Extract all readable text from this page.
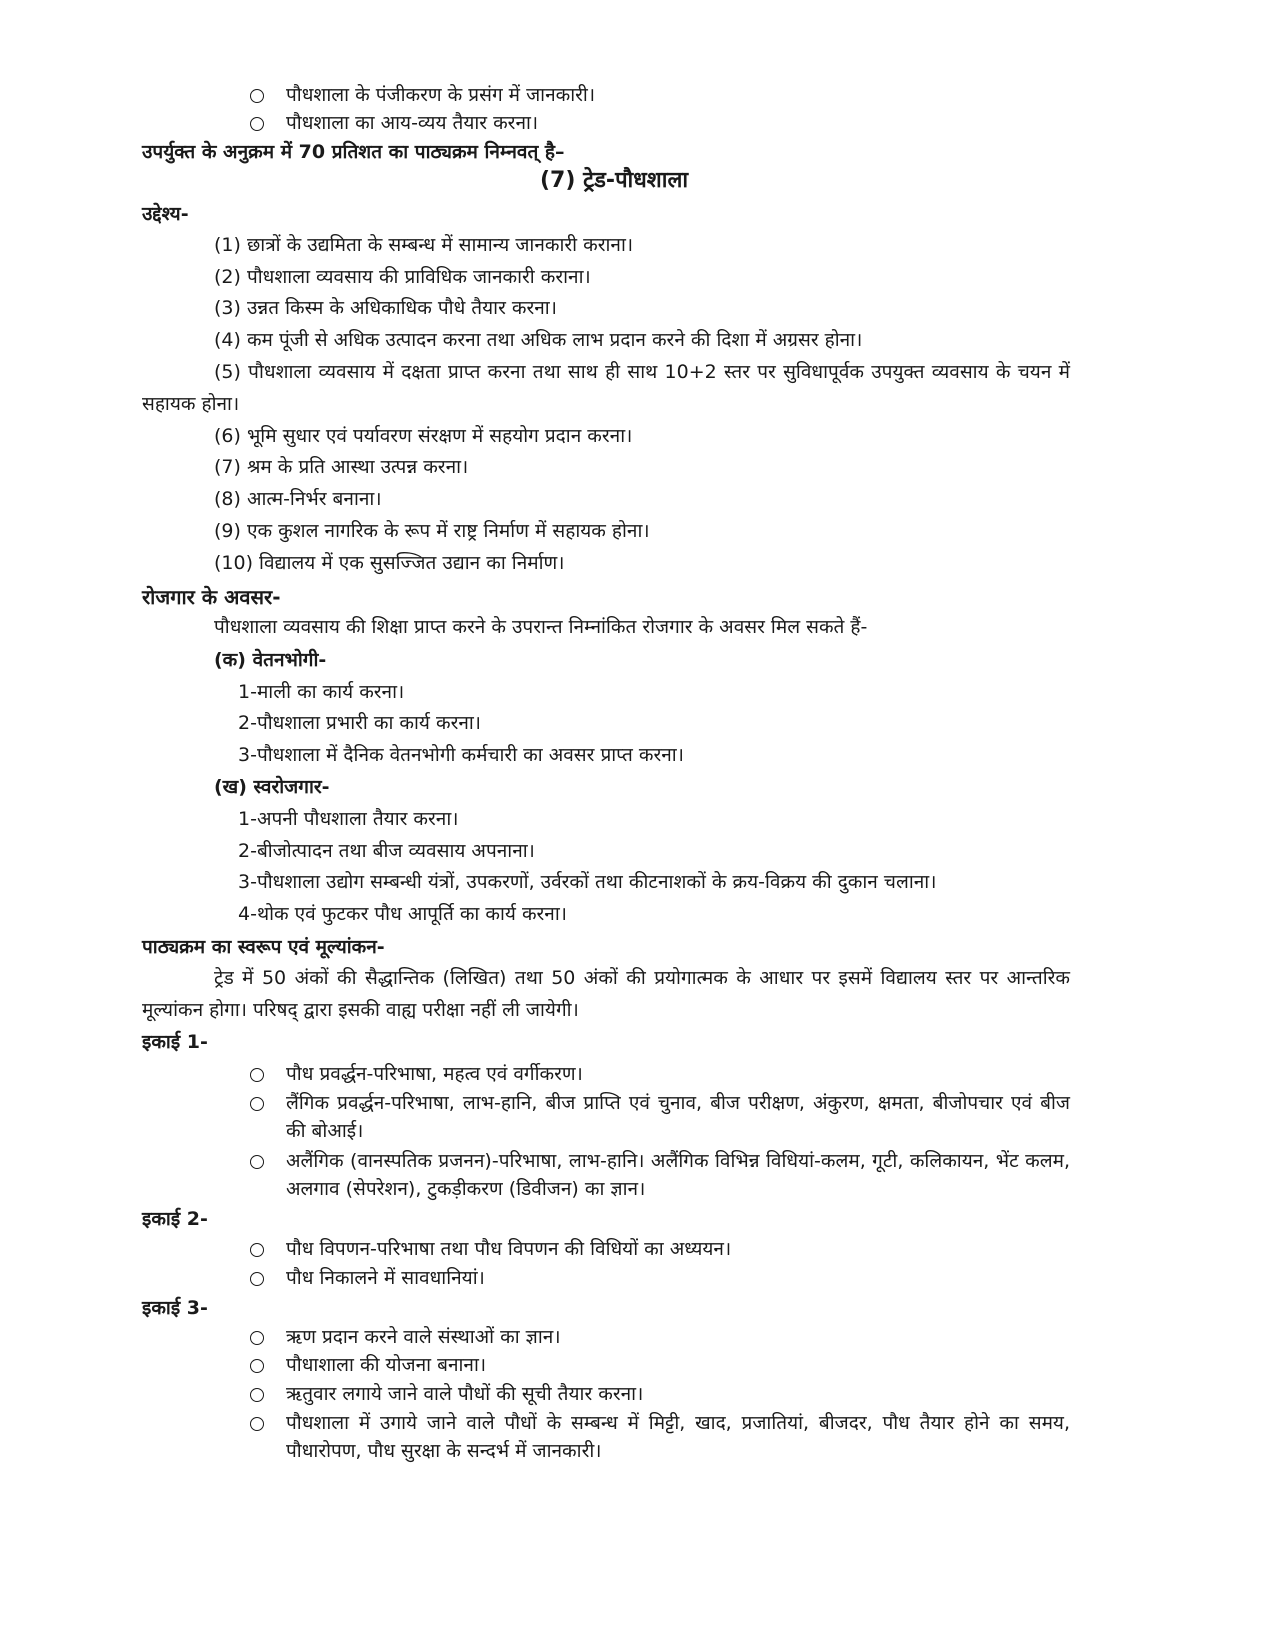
पौधशाला के पंजीकरण के प्रसंग में जानकारी।
पौधशाला का आय-व्यय तैयार करना।
उपर्युक्त के अनुक्रम में 70 प्रतिशत का पाठ्यक्रम निम्नवत् है–
(7) ट्रेड-पौधशाला
उद्देश्य-
(1) छात्रों के उद्यमिता के सम्बन्ध में सामान्य जानकारी कराना।
(2) पौधशाला व्यवसाय की प्राविधिक जानकारी कराना।
(3) उन्नत किस्म के अधिकाधिक पौधे तैयार करना।
(4) कम पूंजी से अधिक उत्पादन करना तथा अधिक लाभ प्रदान करने की दिशा में अग्रसर होना।
(5) पौधशाला व्यवसाय में दक्षता प्राप्त करना तथा साथ ही साथ 10+2 स्तर पर सुविधापूर्वक उपयुक्त व्यवसाय के चयन में
सहायक होना।
(6) भूमि सुधार एवं पर्यावरण संरक्षण में सहयोग प्रदान करना।
(7) श्रम के प्रति आस्था उत्पन्न करना।
(8) आत्म-निर्भर बनाना।
(9) एक कुशल नागरिक के रूप में राष्ट्र निर्माण में सहायक होना।
(10) विद्यालय में एक सुसज्जित उद्यान का निर्माण।
रोजगार के अवसर-
पौधशाला व्यवसाय की शिक्षा प्राप्त करने के उपरान्त निम्नांकित रोजगार के अवसर मिल सकते हैं-
(क) वेतनभोगी-
1-माली का कार्य करना।
2-पौधशाला प्रभारी का कार्य करना।
3-पौधशाला में दैनिक वेतनभोगी कर्मचारी का अवसर प्राप्त करना।
(ख) स्वरोजगार-
1-अपनी पौधशाला तैयार करना।
2-बीजोत्पादन तथा बीज व्यवसाय अपनाना।
3-पौधशाला उद्योग सम्बन्धी यंत्रों, उपकरणों, उर्वरकों तथा कीटनाशकों के क्रय-विक्रय की दुकान चलाना।
4-थोक एवं फुटकर पौध आपूर्ति का कार्य करना।
पाठ्यक्रम का स्वरूप एवं मूल्यांकन-
ट्रेड में 50 अंकों की सैद्धान्तिक (लिखित) तथा 50 अंकों की प्रयोगात्मक के आधार पर इसमें विद्यालय स्तर पर आन्तरिक
मूल्यांकन होगा। परिषद् द्वारा इसकी वाह्य परीक्षा नहीं ली जायेगी।
इकाई 1-
पौध प्रवर्द्धन-परिभाषा, महत्व एवं वर्गीकरण।
लैंगिक प्रवर्द्धन-परिभाषा, लाभ-हानि, बीज प्राप्ति एवं चुनाव, बीज परीक्षण, अंकुरण, क्षमता, बीजोपचार एवं बीज
की बोआई।
अलैंगिक (वानस्पतिक प्रजनन)-परिभाषा, लाभ-हानि। अलैंगिक विभिन्न विधियां-कलम, गूटी, कलिकायन, भेंट कलम,
अलगाव (सेपरेशन), टुकड़ीकरण (डिवीजन) का ज्ञान।
इकाई 2-
पौध विपणन-परिभाषा तथा पौध विपणन की विधियों का अध्ययन।
पौध निकालने में सावधानियां।
इकाई 3-
ऋण प्रदान करने वाले संस्थाओं का ज्ञान।
पौधाशाला की योजना बनाना।
ऋतुवार लगाये जाने वाले पौधों की सूची तैयार करना।
पौधशाला में उगाये जाने वाले पौधों के सम्बन्ध में मिट्टी, खाद, प्रजातियां, बीजदर, पौध तैयार होने का समय,
पौधारोपण, पौध सुरक्षा के सन्दर्भ में जानकारी।
